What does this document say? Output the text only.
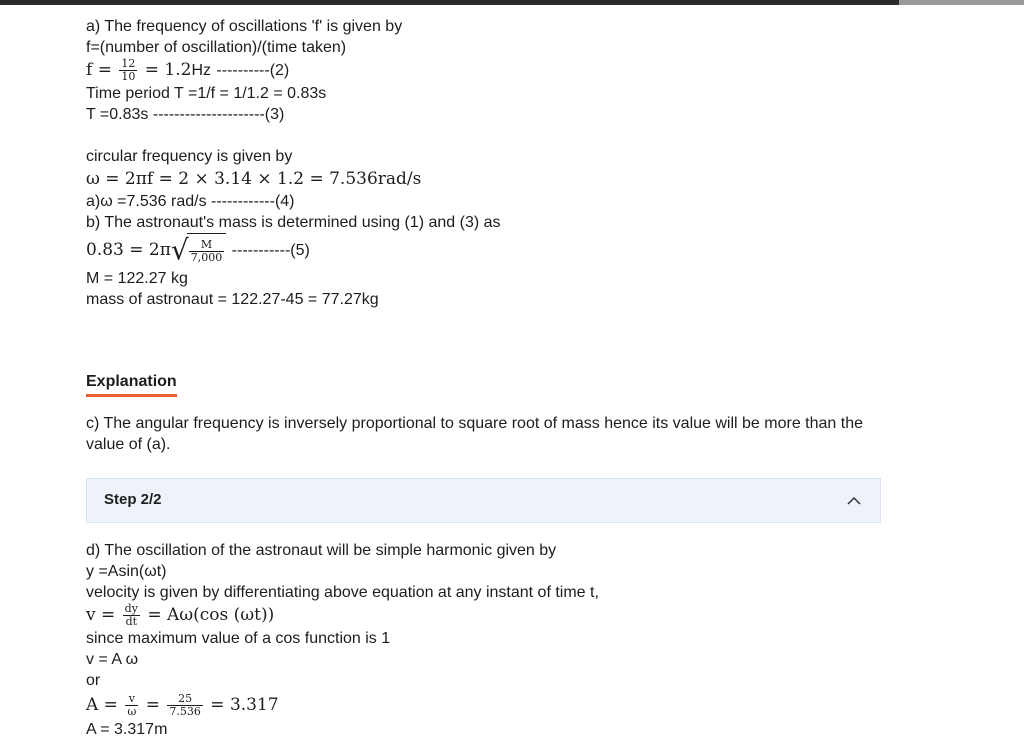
a) The frequency of oscillations 'f' is given by
f=(number of oscillation)/(time taken)
$f = \frac{12}{10} = 1.2Hz$ ----------(2)
Time period T =1/f = 1/1.2 = 0.83s
T =0.83s ---------------------(3)
circular frequency is given by
ω = 2πf = 2 × 3.14 × 1.2 = 7.536rad/s
a)ω =7.536 rad/s ------------(4)
b) The astronaut's mass is determined using (1) and (3) as
$0.83 = 2\pi√ \frac{M}{7,000} -----------(5)$
M = 122.27 kg
mass of astronaut = 122.27-45 = 77.27kg
Explanation
c) The angular frequency is inversely proportional to square root of mass hence its value will be more than the value of (a).
Step 2/2
d) The oscillation of the astronaut will be simple harmonic given by
y =Asin(ωt)
velocity is given by differentiating above equation at any instant of time t,
$v = \frac{dy}{dt} = A\omega(\cos$ (ωt))
since maximum value of a cos function is 1
v = A ω
or
$A = \frac{v}{\omega} = \frac{25}{7.536} = 3.317$
A = 3.317m
